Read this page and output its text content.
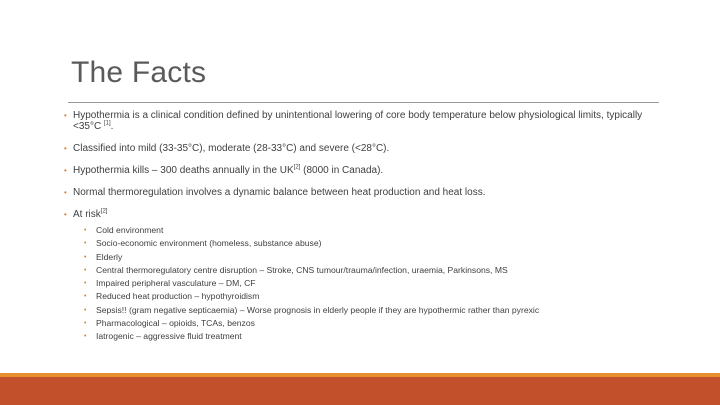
The Facts
• Hypothermia is a clinical condition defined by unintentional lowering of core body temperature below physiological limits, typically <35°C [1].
• Classified into mild (33-35°C), moderate (28-33°C) and severe (<28°C).
• Hypothermia kills – 300 deaths annually in the UK[2] (8000 in Canada).
• Normal thermoregulation involves a dynamic balance between heat production and heat loss.
• At risk[2]
• Cold environment
• Socio-economic environment (homeless, substance abuse)
• Elderly
• Central thermoregulatory centre disruption – Stroke, CNS tumour/trauma/infection, uraemia, Parkinsons, MS
• Impaired peripheral vasculature – DM, CF
• Reduced heat production – hypothyroidism
• Sepsis!! (gram negative septicaemia) – Worse prognosis in elderly people if they are hypothermic rather than pyrexic
• Pharmacological – opioids, TCAs, benzos
• Iatrogenic – aggressive fluid treatment
